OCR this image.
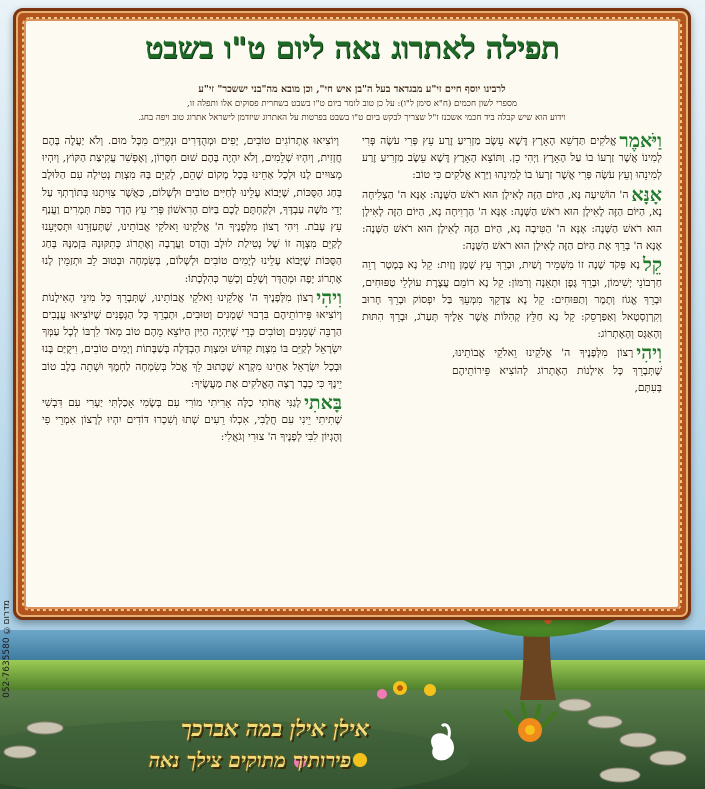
תפילה לאתרוג נאה ליום ט"ו בשבט
לרבינו יוסף חיים זי"ע מבגדאד בעל ה"בן איש חי", וכן מובא מה"בני יששכר" זי"ע
מספרי לשון חכמים (ח"א סימן ל"ו): על כן טוב לומר ביום ט"ו בשבט בשחרית פסוקים אלו ותפלה זו,
וידוע הוא שיש קבלה ביד חכמי אשכנז ז"ל שצריך לבקש ביום ט"ו בשבט בפרטות על האתרוג שיזדמן לישראל אתרוג טוב ויפה בחג.
וַיֹּאמֶראֱלֹקִים תַּדְשֵׁא הָאָרֶץ דֶּשֶׁא עֵשֶׂב מַזְרִיעַ זֶרַע עֵץ פְּרִי עֹשֶׂה פְּרִי לְמִינוֹ אֲשֶׁר זַרְעוֹ בוֹ עַל הָאָרֶץ וַיְהִי כֵן. וַתּוֹצֵא הָאָרֶץ דֶּשֶׁא עֵשֶׂב מַזְרִיעַ זֶרַע לְמִינֵהוּ וְעֵץ עֹשֶׂה פְּרִי אֲשֶׁר זַרְעוֹ בוֹ לְמִינֵהוּ וַיַּרְא אֱלֹקִים כִּי טוֹב:
אָנָּאה' הוֹשִׁיעָה נָּא, הַיּוֹם הַזֶּה לָאִילָן הוּא רֹאשׁ הַשָּׁנָה: אָנָּא ה' הַצְלִיחָה נָא, הַיּוֹם הַזֶּה לָאִילָן הוּא רֹאשׁ הַשָּׁנָה: אָנָּא ה' הַרְוִיחָה נָא, הַיּוֹם הַזֶּה לָאִילָן הוּא רֹאשׁ הַשָּׁנָה: אָנָּא ה' הַטִּיבָה נָא, הַיּוֹם הַזֶּה לָאִילָן הוּא רֹאשׁ הַשָּׁנָה: אָנָּא ה' בָּרֵךְ אֶת הַיּוֹם הַזֶּה לָאִילָן הוּא רֹאשׁ הַשָּׁנָה:
קֵלנָא פְּקֹד שָׁנָה זוֹ מִשְּׁמֵיר וָשַׁיִת, וּבָרֵךְ עֵץ שֶׁמֶן וָזַיִת: קֵל נָא בְּמָטָר רְוֵה חַרְבוֹנֵי יְשִׁימוֹן, וּבָרֵךְ גֶּפֶן וּתְאֵנָה וְרִמּוֹן: קֵל נָא רוֹמֵם עֲצֶרֶת עוֹלְלֵי טַפּוּחִים, וּבָרֵךְ אֱגוֹז וְתָמָר וְתַפּוּחִים: קֵל נָא צַדְקֵךְ מִמְּעֵךְ בַּל יִפְסוֹק וּבָרֵךְ חָרוּב וְקִרְוָסְטָאל וְאַפַּרְסֵק: קֵל נָא חַלֵּץ קְהִלּוֹת אֲשֶׁר אֵלֶיךָ תְּעַרֹג, וּבָרֵךְ הִתּוּת וְהָאַגָּס וְהָאֶתְרוֹג:
וִיהִירָצוֹן מִלְּפָנֶיךָ ה' אֱלֹקֵינוּ וֵאלֹקֵי אֲבוֹתֵינוּ, שֶׁתְּבָרֵךְ כָּל אִילָנוֹת הָאֶתְרוֹג לְהוֹצִיא פֵּירוֹתֵיהֶם בְּעִתָּם,
וְיוֹצִיאוּ אֶתְרוֹגִים טוֹבִים, יָפִים וּמְהֻדָּרִים וּנְקִיִּים מִכָּל מוּם. וְלֹא יַעֲלֶה בָּהֶם חֲזָזִית, וְיִהְיוּ שְׁלֵמִים, וְלֹא יִהְיֶה בָּהֶם שׁוּם חִסָּרוֹן, וְאֶפְשִׁר עֲקִיצַת הַקּוֹץ, וְיִהְיוּ מְצוּיִים לָנוּ וּלְכָל אַחֵינוּ בְּכָל מָקוֹם שֶׁהֵם, לְקַיֵּם בָּהּ מִצְוַת נְטִילָה עִם הַלּוּלָב בְּחַג הַסֻּכּוֹת, שֶׁיָּבוֹא עָלֵינוּ לְחַיִּים טוֹבִים וּלְשָׁלוֹם, כַּאֲשֶׁר צִוִּיתָנוּ בְּתוֹרָתְךָ עַל יְדֵי מֹשֶׁה עַבְדֶּךָ, וּלְקַחְתֶּם לָכֶם בַּיּוֹם הָרִאשׁוֹן פְּרִי עֵץ הָדָר כַּפֹּת תְּמָרִים וַעֲנַף עֵץ עָבֹת. וִיהִי רָצוֹן מִלְּפָנֶיךָ ה' אֱלֹקֵינוּ וֵאלֹקֵי אֲבוֹתֵינוּ, שֶׁתְּעַזְּרֵנוּ וּתְסַיְּעֵנוּ לְקַיֵּם מִצְוָה זוֹ שֶׁל נְטִילַת לוּלָב וַהֲדַס וַעֲרָבָה וְאֶתְרוֹג כְּתִקּוּנָהּ בִּזְמַנָּהּ בְּחַג הַסֻּכּוֹת שֶׁיָּבוֹא עָלֵינוּ לְיָמִים טוֹבִים וּלְשָׁלוֹם, בְּשִׂמְחָה וּבְטוּב לֵב וּתְזַמֵּין לָנוּ אֶתְרוֹג יָפֶה וּמְהֻדָּר וְשָׁלֵם וְכָשֵׁר כְּהִלְכָתוֹ:
וִיהִירָצוֹן מִלְּפָנֶיךָ ה' אֱלֹקֵינוּ וֵאלֹקֵי אֲבוֹתֵינוּ, שֶׁתְּבָרֵךְ כָּל מִינֵי הָאִילָנוֹת וְיוֹצִיאוּ פֵּירוֹתֵיהֶם בִּרְבוּי שֻׁמְנִים וְטוּבִים, וּתְבָרֵךְ כָּל הַגְּפָנִים שֶׁיּוֹצִיאוּ עֲנָבִים הַרְבֵּה שְׁמֵנִים וְטוֹבִים כְּדֵי שֶׁיִּהְיֶה הַיַּיִן הַיּוֹצֵא מֵהֶם טוֹב מְאֹד לִרְבּוֹ לְכָל עַמְּךָ יִשְׂרָאֵל לְקַיֵּם בּוֹ מִצְוַת קִדּוּשׁ וּמִצְוַת הַבְדָּלָה בְּשַׁבָּתוֹת וְיָמִים טוֹבִים, וִיקֻיַּם בָּנוּ וּבְכָל יִשְׂרָאֵל אַחֵינוּ מִקְרָא שֶׁכָּתוּב לֵךְ אֱכֹל בְּשִׂמְחָה לַחְמֶךָ וּשְׁתֵה בְלֶב טוֹב יֵינֶךָ כִּי כְבָר רָצָה הָאֱלֹקִים אֶת מַעֲשֶׂיךָ:
בָּאתִילְגַנִּי אֲחֹתִי כַלָּה אָרִיתִי מוֹרִי עִם בְּשָׂמִי אָכַלְתִּי יַעְרִי עִם דִּבְשִׁי שָׁתִיתִי יֵינִי עִם חֲלָבִי, אִכְלוּ רֵעִים שְׁתוּ וְשִׁכְרוּ דּוֹדִים יִהְיוּ לְרָצוֹן אִמְרֵי פִי וְהֶגְיוֹן לִבִּי לְפָנֶיךָ ה' צוּרִי וְגֹאֲלִי:
052-7635580 ©מדרום
אילן אילן במה אברכך
פירותיך מתוקים צילך נאה
